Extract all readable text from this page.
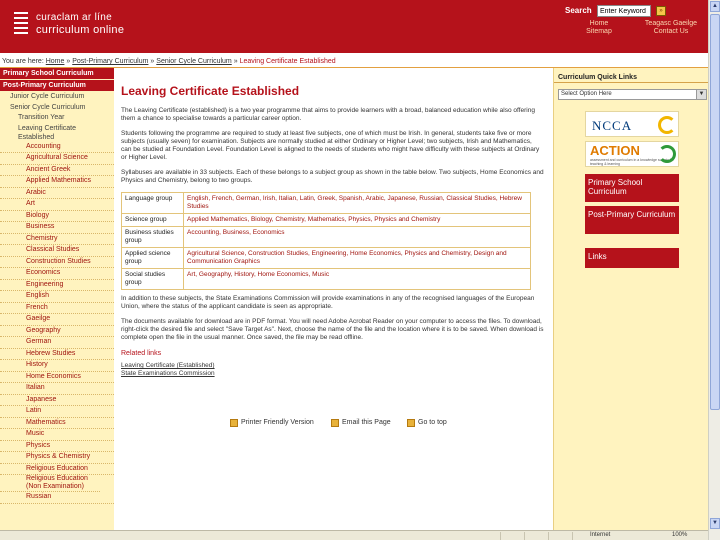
curaclam ar líne
curriculum online
Search
Enter Keyword	»
Home
Sitemap
Teagasc Gaeilge
Contact Us
You are here: Home » Post-Primary Curriculum » Senior Cycle Curriculum » Leaving Certificate Established
Primary School Curriculum
Post-Primary Curriculum
Junior Cycle Curriculum
Senior Cycle Curriculum
Transition Year
Leaving Certificate Established
Accounting
Agricultural Science
Ancient Greek
Applied Mathematics
Arabic
Art
Biology
Business
Chemistry
Classical Studies
Construction Studies
Economics
Engineering
English
French
Gaeilge
Geography
German
Hebrew Studies
History
Home Economics
Italian
Japanese
Latin
Mathematics
Music
Physics
Physics & Chemistry
Religious Education
Religious Education (Non Examination)
Russian
Leaving Certificate Established

The Leaving Certificate (established) is a two year programme that aims to provide learners with a broad, balanced education while also offering them a chance to specialise towards a particular career option.

Students following the programme are required to study at least five subjects, one of which must be Irish. In general, students take five or more subjects (usually seven) for examination. Subjects are normally studied at either Ordinary or Higher Level; two subjects, Irish and Mathematics, can be studied at Foundation Level. Foundation Level is aligned to the needs of students who might have difficulty with these subjects at Ordinary or Higher Level.

Syllabuses are available in 33 subjects. Each of these belongs to a subject group as shown in the table below. Two subjects, Home Economics and Physics and Chemistry, belong to two groups.

Language group	English, French, German, Irish, Italian, Latin, Greek, Spanish, Arabic, Japanese, Russian, Classical Studies, Hebrew Studies
Science group	Applied Mathematics, Biology, Chemistry, Mathematics, Physics, Physics and Chemistry
Business studies group	Accounting, Business, Economics
Applied science group	Agricultural Science, Construction Studies, Engineering, Home Economics, Physics and Chemistry, Design and Communication Graphics
Social studies group	Art, Geography, History, Home Economics, Music

In addition to these subjects, the State Examinations Commission will provide examinations in any of the recognised languages of the European Union, where the status of the applicant candidate is seen as appropriate.

The documents available for download are in PDF format. You will need Adobe Acrobat Reader on your computer to access the files. To download, right-click the desired file and select "Save Target As". Next, choose the name of the file and the location where it is to be saved. When download is complete open the file in the usual manner. Once saved, the file may be read offline.

Related links
Leaving Certificate (Established)
State Examinations Commission
Printer Friendly Version	Email this Page	Go to top
Curriculum Quick Links
Select Option Here	▼
NCCA
ACTION
assessment and curriculum in a knowledge society for teaching & learning
Primary School Curriculum
Post-Primary Curriculum
Links
▲
▼
Internet	100%
